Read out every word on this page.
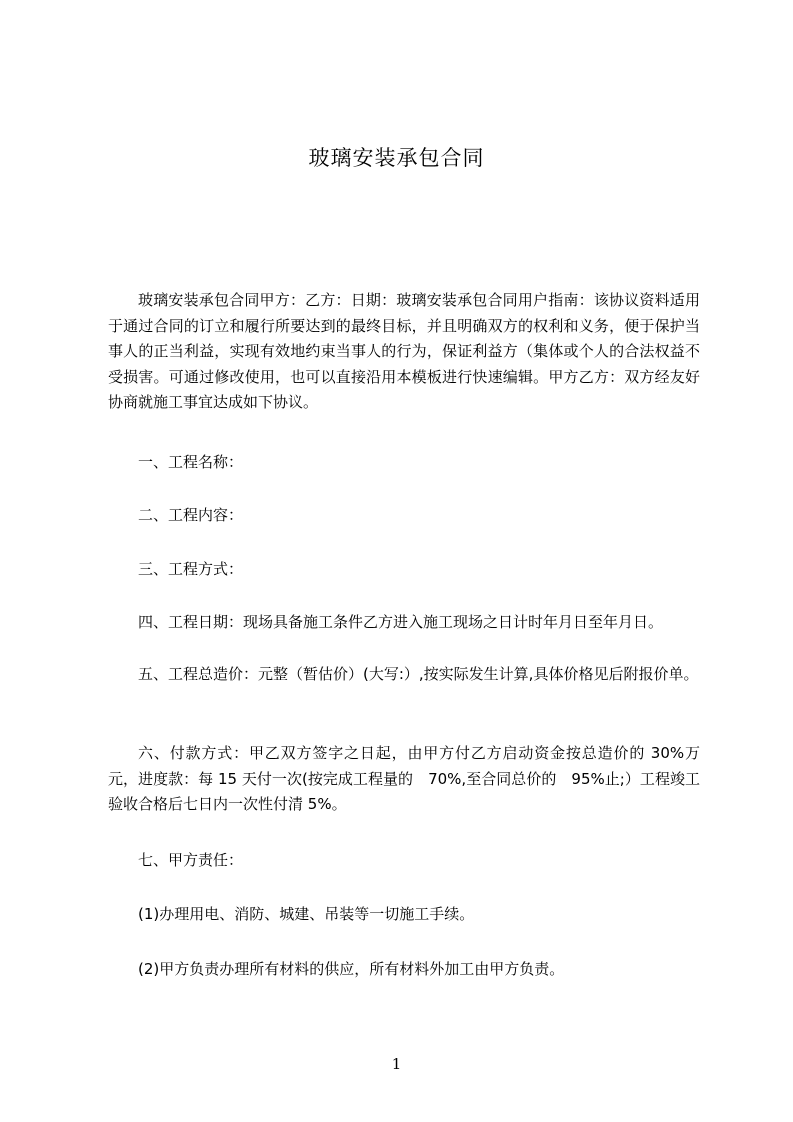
玻璃安装承包合同

玻璃安装承包合同甲方：乙方：日期：玻璃安装承包合同用户指南：该协议资料适用于通过合同的订立和履行所要达到的最终目标，并且明确双方的权利和义务，便于保护当事人的正当利益，实现有效地约束当事人的行为，保证利益方（集体或个人的合法权益不受损害。可通过修改使用，也可以直接沿用本模板进行快速编辑。甲方乙方：双方经友好协商就施工事宜达成如下协议。

一、工程名称：

二、工程内容：

三、工程方式：

四、工程日期：现场具备施工条件乙方进入施工现场之日计时年月日至年月日。

五、工程总造价：元整（暂估价）(大写:）,按实际发生计算,具体价格见后附报价单。

六、付款方式：甲乙双方签字之日起，由甲方付乙方启动资金按总造价的 30%万元，进度款：每 15 天付一次(按完成工程量的　70%,至合同总价的　95%止;）工程竣工验收合格后七日内一次性付清 5%。

七、甲方责任：

(1)办理用电、消防、城建、吊装等一切施工手续。

(2)甲方负责办理所有材料的供应，所有材料外加工由甲方负责。

1
